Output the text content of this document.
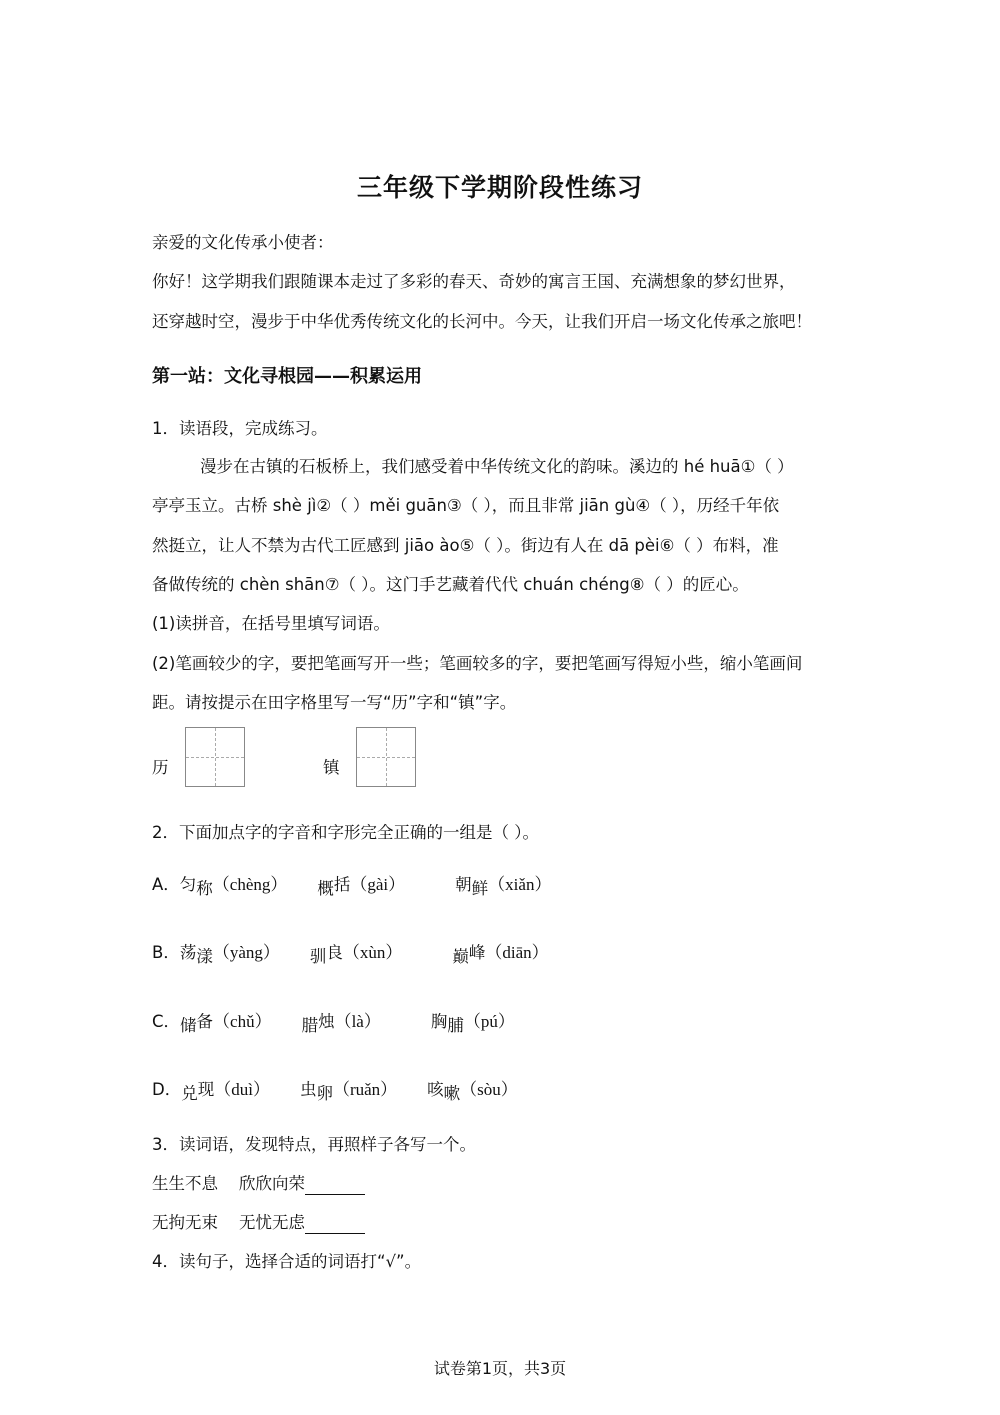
三年级下学期阶段性练习
亲爱的文化传承小使者：
你好！这学期我们跟随课本走过了多彩的春天、奇妙的寓言王国、充满想象的梦幻世界，
还穿越时空，漫步于中华优秀传统文化的长河中。今天，让我们开启一场文化传承之旅吧！
第一站：文化寻根园——积累运用
1．读语段，完成练习。
漫步在古镇的石板桥上，我们感受着中华传统文化的韵味。溪边的 hé huā①（ ）
亭亭玉立。古桥 shè jì②（ ）měi guān③（ ），而且非常 jiān gù④（ ），历经千年依
然挺立，让人不禁为古代工匠感到 jiāo ào⑤（ ）。街边有人在 dā pèi⑥（ ）布料，准
备做传统的 chèn shān⑦（ ）。这门手艺藏着代代 chuán chéng⑧（ ）的匠心。
(1)读拼音，在括号里填写词语。
(2)笔画较少的字，要把笔画写开一些；笔画较多的字，要把笔画写得短小些，缩小笔画间
距。请按提示在田字格里写一写“历”字和“镇”字。
历	镇
2．下面加点字的字音和字形完全正确的一组是（ ）。
A．匀称（chèng） 概括（gài）	朝鲜（xiǎn）
B．荡漾（yàng） 驯良（xùn）	巅峰（diān）
C．储备（chǔ） 腊烛（là）	胸脯（pú）
D．兑现（duì） 虫卵（ruǎn） 咳嗽（sòu）
3．读词语，发现特点，再照样子各写一个。
生生不息    欣欣向荣
无拘无束    无忧无虑
4．读句子，选择合适的词语打“√”。
试卷第1页，共3页
